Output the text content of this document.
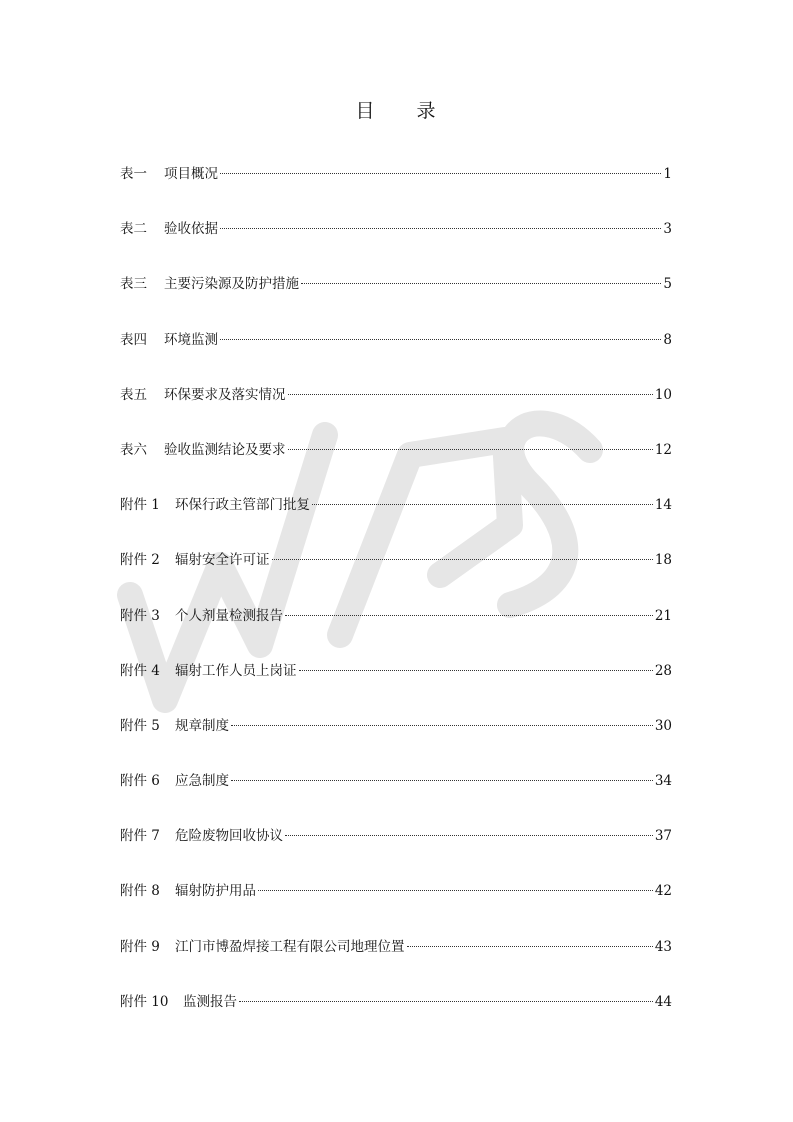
目 录
表一	项目概况	1
表二	验收依据	3
表三	主要污染源及防护措施	5
表四	环境监测	8
表五	环保要求及落实情况	10
表六	验收监测结论及要求	12
附件 1	环保行政主管部门批复	14
附件 2	辐射安全许可证	18
附件 3	个人剂量检测报告	21
附件 4	辐射工作人员上岗证	28
附件 5	规章制度	30
附件 6	应急制度	34
附件 7	危险废物回收协议	37
附件 8	辐射防护用品	42
附件 9	江门市博盈焊接工程有限公司地理位置	43
附件 10	监测报告	44
